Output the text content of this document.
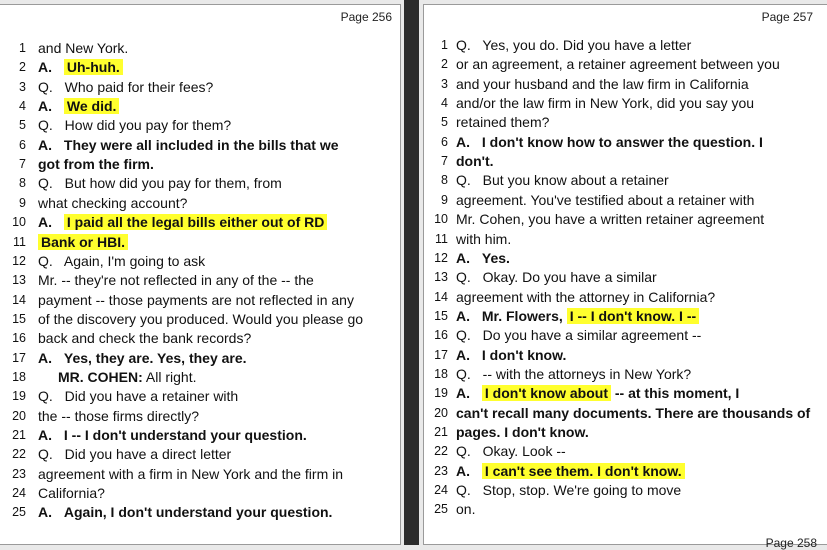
Page 256
1 and New York.
2 A. Uh-huh.
3 Q. Who paid for their fees?
4 A. We did.
5 Q. How did you pay for them?
6 A. They were all included in the bills that we
7 got from the firm.
8 Q. But how did you pay for them, from
9 what checking account?
10 A. I paid all the legal bills either out of RD
11 Bank or HBI.
12 Q. Again, I'm going to ask
13 Mr. -- they're not reflected in any of the -- the
14 payment -- those payments are not reflected in any
15 of the discovery you produced. Would you please go
16 back and check the bank records?
17 A. Yes, they are. Yes, they are.
18 MR. COHEN: All right.
19 Q. Did you have a retainer with
20 the -- those firms directly?
21 A. I -- I don't understand your question.
22 Q. Did you have a direct letter
23 agreement with a firm in New York and the firm in
24 California?
25 A. Again, I don't understand your question.
Page 257
1 Q. Yes, you do. Did you have a letter
2 or an agreement, a retainer agreement between you
3 and your husband and the law firm in California
4 and/or the law firm in New York, did you say you
5 retained them?
6 A. I don't know how to answer the question. I
7 don't.
8 Q. But you know about a retainer
9 agreement. You've testified about a retainer with
10 Mr. Cohen, you have a written retainer agreement
11 with him.
12 A. Yes.
13 Q. Okay. Do you have a similar
14 agreement with the attorney in California?
15 A. Mr. Flowers, I -- I don't know. I --
16 Q. Do you have a similar agreement --
17 A. I don't know.
18 Q. -- with the attorneys in New York?
19 A. I don't know about -- at this moment, I
20 can't recall many documents. There are thousands of
21 pages. I don't know.
22 Q. Okay. Look --
23 A. I can't see them. I don't know.
24 Q. Stop, stop. We're going to move
25 on.
Page 258
